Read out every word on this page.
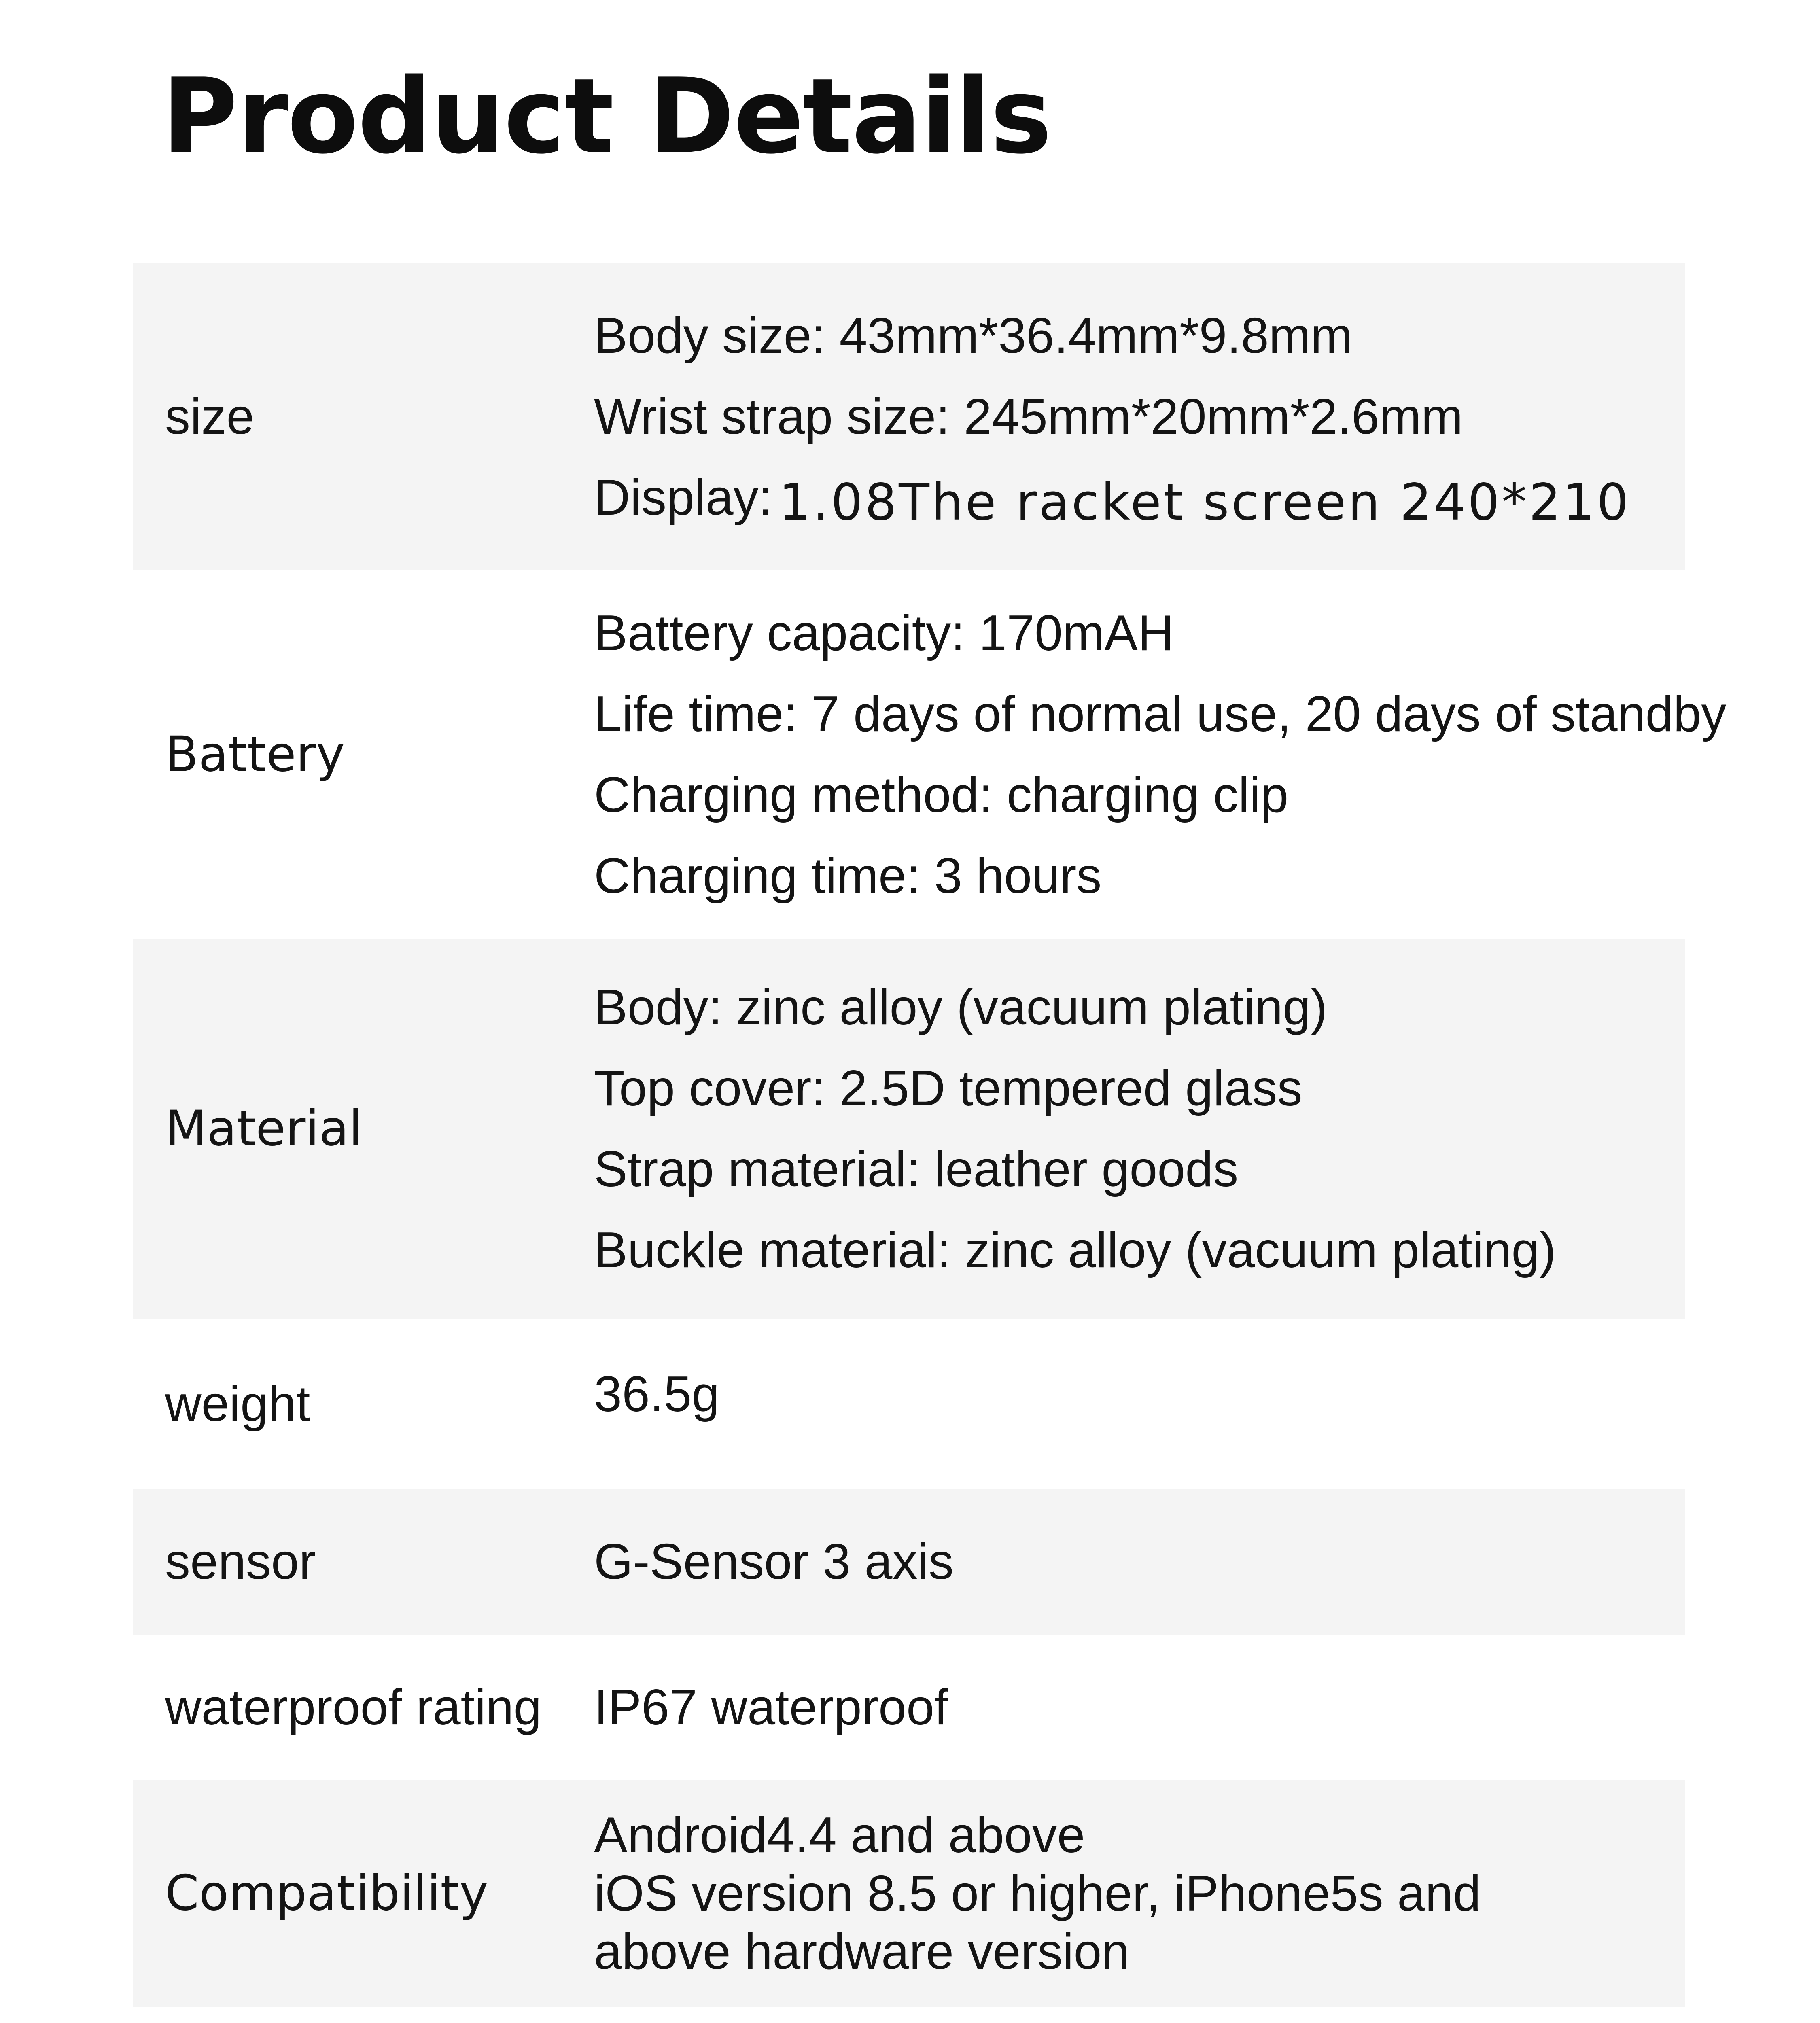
Product Details
size
Body size: 43mm*36.4mm*9.8mm
Wrist strap size: 245mm*20mm*2.6mm
Display: 1.08The racket screen 240*210
Battery
Battery capacity: 170mAH
Life time: 7 days of normal use, 20 days of standby
Charging method: charging clip
Charging time: 3 hours
Material
Body: zinc alloy (vacuum plating)
Top cover: 2.5D tempered glass
Strap material: leather goods
Buckle material: zinc alloy (vacuum plating)
weight	36.5g
sensor	G-Sensor 3 axis
waterproof rating IP67 waterproof
Compatibility
Android4.4 and above
iOS version 8.5 or higher, iPhone5s and
above hardware version
